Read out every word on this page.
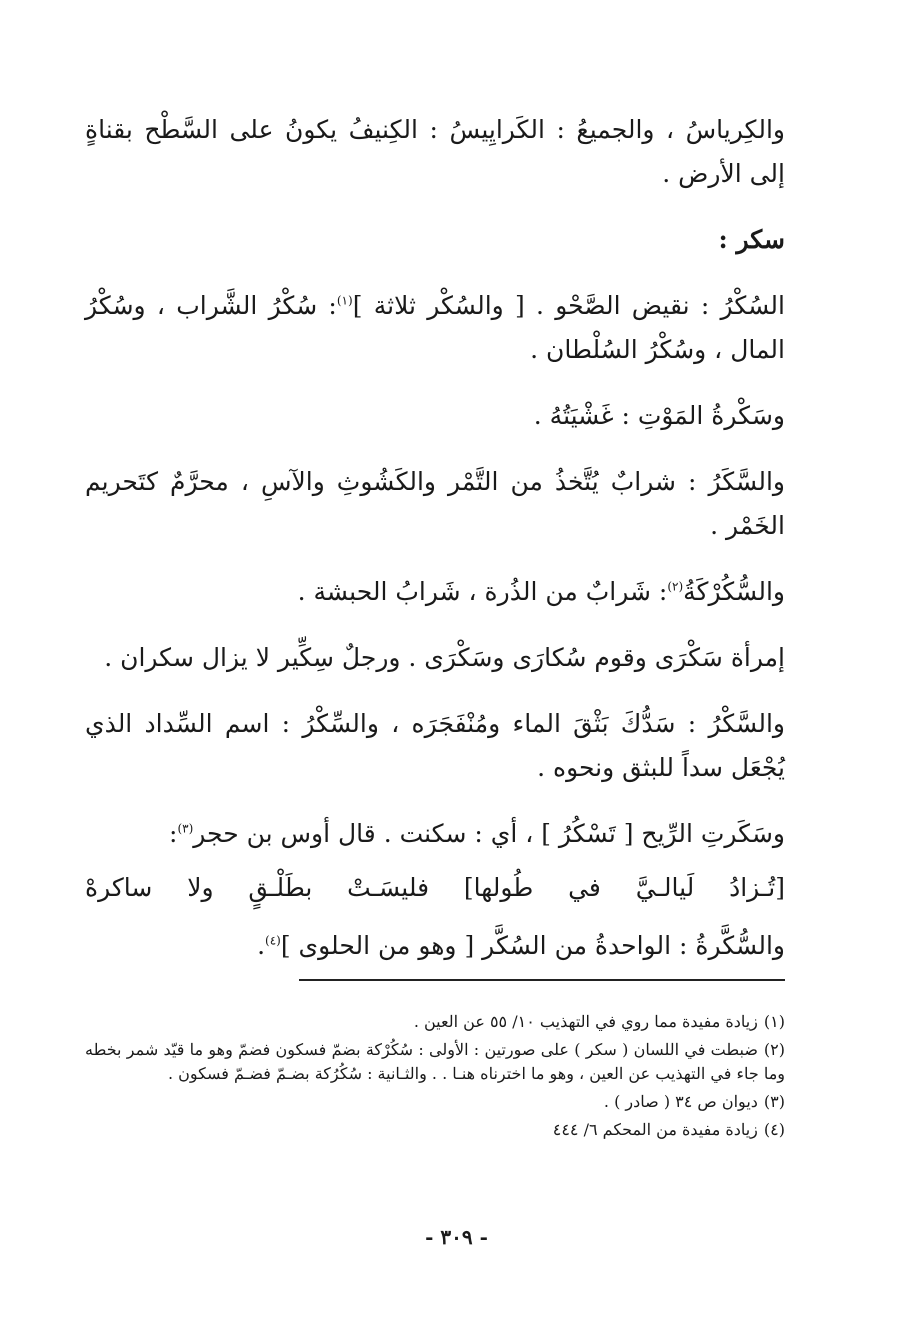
والكِرياسُ ، والجميعُ : الكَرايِيسُ : الكِنيفُ يكونُ على السَّطْح بقناةٍ إلى الأرض .

سكر :

السُكْرُ : نقيض الصَّحْو . [ والسُكْر ثلاثة ]$^{(١)}$: سُكْرُ الشَّراب ، وسُكْرُ المال ، وسُكْرُ السُلْطان .

وسَكْرةُ المَوْتِ : غَشْيَتُهُ .

والسَّكَرُ : شرابٌ يُتَّخذُ من التَّمْر والكَشُوثِ والآسِ ، محرَّمٌ كتَحريم الخَمْر .

والسُّكُرْكَةُ$^{(٢)}$: شَرابٌ من الذُرة ، شَرابُ الحبشة .

إمرأة سَكْرَى وقوم سُكارَى وسَكْرَى . ورجلٌ سِكِّير لا يزال سكران .

والسَّكْرُ : سَدُّكَ بَثْقَ الماء ومُنْفَجَرَه ، والسِّكْرُ : اسم السِّداد الذي يُجْعَل سداً للبثق ونحوه .

وسَكَرتِ الرِّيح [ تَسْكُرُ ] ، أي : سكنت . قال أوس بن حجر$^{(٣)}$:

[تُـزادُ
لَيالـيَّ
في
طُولها]
فليسَـتْ
بطَلْـقٍ
ولا
ساكرهْ

والسُّكَّرةُ : الواحدةُ من السُكَّر [ وهو من الحلوى ]$^{(٤)}$.

(١)زيادة مفيدة مما روي في التهذيب ١٠/ ٥٥ عن العين .

(٢)ضبطت في اللسان ( سكر ) على صورتين : الأولى : سُكُرْكة بضمّ فسكون فضمّ وهو ما قيّد شمر بخطه وما جاء في التهذيب عن العين ، وهو ما اخترناه هنـا . . والثـانية : سُكُرُكة بضـمّ فضـمّ فسكون .

(٣)ديوان ص ٣٤ ( صادر ) .

(٤)زيادة مفيدة من المحكم ٦/ ٤٤٤

- ٣٠٩ -
